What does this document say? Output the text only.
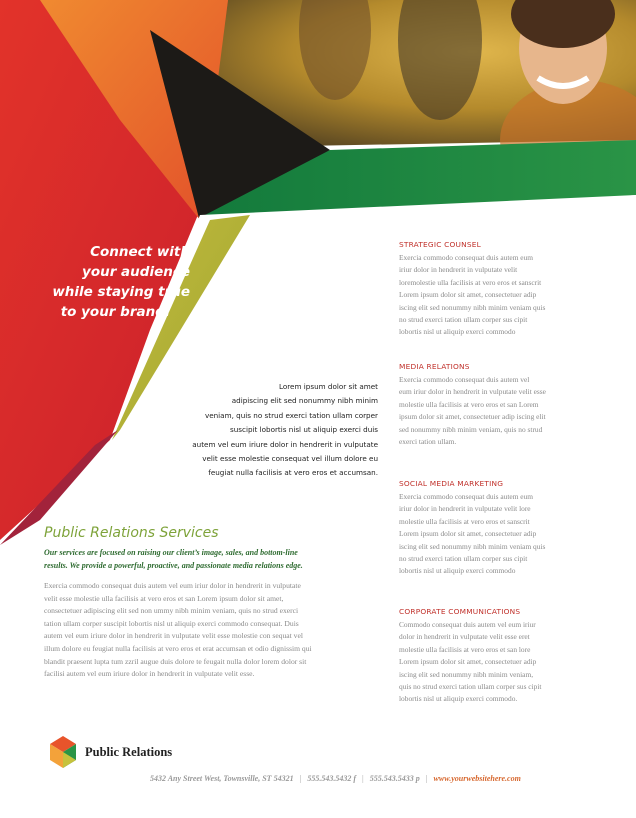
Connect with
your audience
while staying true
to your brand.
Lorem ipsum dolor sit amet
adipiscing elit sed nonummy nibh minim
veniam, quis no strud exerci tation ullam corper
suscipit lobortis nisl ut aliquip exerci duis
autem vel eum iriure dolor in hendrerit in vulputate
velit esse molestie consequat vel illum dolore eu
feugiat nulla facilisis at vero eros et accumsan.
Public Relations Services
Our services are focused on raising our client’s image, sales, and bottom-line
results. We provide a powerful, proactive, and passionate media relations edge.
Exercia commodo consequat duis autem vel eum iriur dolor in hendrerit in vulputate
velit esse molestie ulla facilisis at vero eros et san Lorem ipsum dolor sit amet,
consectetuer adipiscing elit sed non ummy nibh minim veniam, quis no strud exerci
tation ullam corper suscipit lobortis nisl ut aliquip exerci commodo consequat. Duis
autem vel eum iriure dolor in hendrerit in vulputate velit esse molestie con sequat vel
illum dolore eu feugiat nulla facilisis at vero eros et erat accumsan et odio dignissim qui
blandit praesent lupta tum zzril augue duis dolore te feugait nulla dolor lorem dolor sit
facilisi autem vel eum iriure dolor in hendrerit in vulputate velit esse.
STRATEGIC COUNSEL
Exercia commodo consequat duis autem eum
iriur dolor in hendrerit in vulputate velit
loremolestie ulla facilisis at vero eros et sanscrit
Lorem ipsum dolor sit amet, consectetuer adip
iscing elit sed nonummy nibh minim veniam quis
no strud exerci tation ullam corper sus cipit
lobortis nisl ut aliquip exerci commodo
MEDIA RELATIONS
Exercia commodo consequat duis autem vel
eum iriur dolor in hendrerit in vulputate velit esse
molestie ulla facilisis at vero eros et san Lorem
ipsum dolor sit amet, consectetuer adip iscing elit
sed nonummy nibh minim veniam, quis no strud
exerci tation ullam.
SOCIAL MEDIA MARKETING
Exercia commodo consequat duis autem eum
iriur dolor in hendrerit in vulputate velit lore
molestie ulla facilisis at vero eros et sanscrit
Lorem ipsum dolor sit amet, consectetuer adip
iscing elit sed nonummy nibh minim veniam quis
no strud exerci tation ullam corper sus cipit
lobortis nisl ut aliquip exerci commodo
CORPORATE COMMUNICATIONS
Commodo consequat duis autem vel eum iriur
dolor in hendrerit in vulputate velit esse eret
molestie ulla facilisis at vero eros et san lore
Lorem ipsum dolor sit amet, consectetuer adip
iscing elit sed nonummy nibh minim veniam,
quis no strud exerci tation ullam corper sus cipit
lobortis nisl ut aliquip exerci commodo.
Public Relations
5432 Any Street West, Townsville, ST 54321 | 555.543.5432 f | 555.543.5433 p | www.yourwebsitehere.com
